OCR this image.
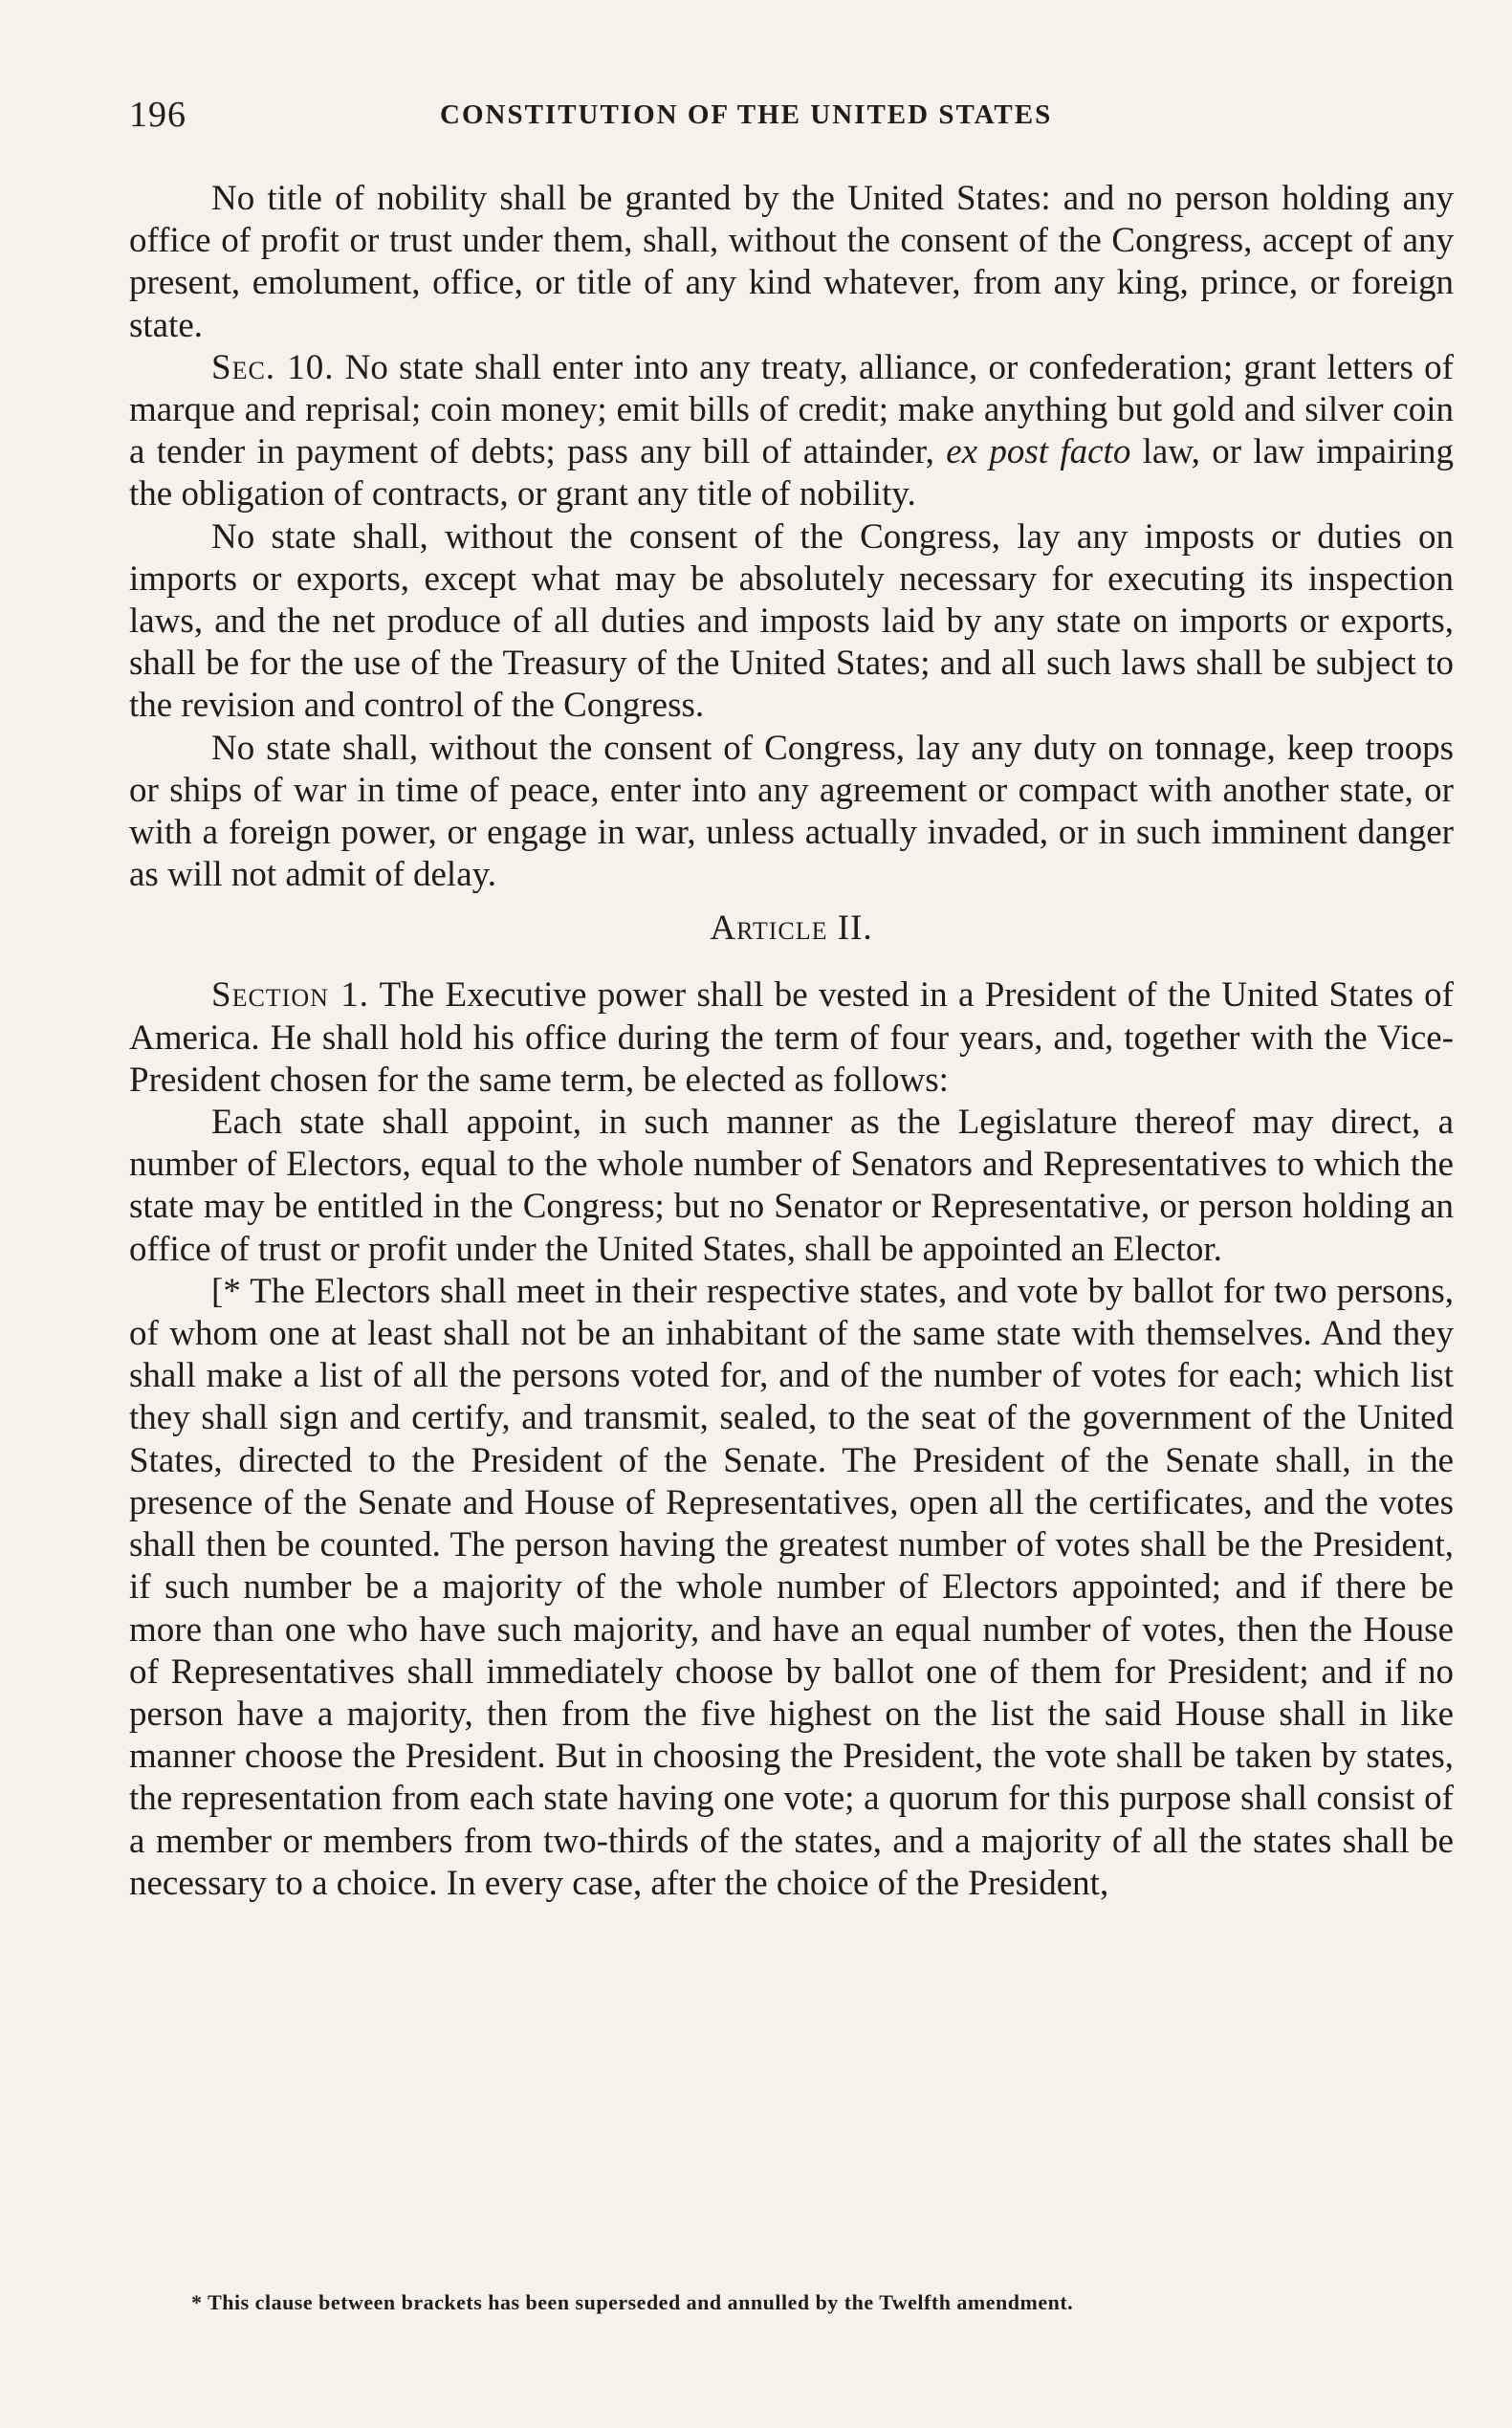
196	CONSTITUTION OF THE UNITED STATES

No title of nobility shall be granted by the United States: and no person holding any office of profit or trust under them, shall, without the consent of the Congress, accept of any present, emolument, office, or title of any kind whatever, from any king, prince, or foreign state.

Sec. 10. No state shall enter into any treaty, alliance, or confederation; grant letters of marque and reprisal; coin money; emit bills of credit; make anything but gold and silver coin a tender in payment of debts; pass any bill of attainder, ex post facto law, or law impairing the obligation of contracts, or grant any title of nobility.

No state shall, without the consent of the Congress, lay any imposts or duties on imports or exports, except what may be absolutely necessary for executing its inspection laws, and the net produce of all duties and imposts laid by any state on imports or exports, shall be for the use of the Treasury of the United States; and all such laws shall be subject to the revision and control of the Congress.

No state shall, without the consent of Congress, lay any duty on tonnage, keep troops or ships of war in time of peace, enter into any agreement or compact with another state, or with a foreign power, or engage in war, unless actually invaded, or in such imminent danger as will not admit of delay.

Article II.

Section 1. The Executive power shall be vested in a President of the United States of America. He shall hold his office during the term of four years, and, together with the Vice-President chosen for the same term, be elected as follows:

Each state shall appoint, in such manner as the Legislature thereof may direct, a number of Electors, equal to the whole number of Senators and Representatives to which the state may be entitled in the Congress; but no Senator or Representative, or person holding an office of trust or profit under the United States, shall be appointed an Elector.

[* The Electors shall meet in their respective states, and vote by ballot for two persons, of whom one at least shall not be an inhabitant of the same state with themselves. And they shall make a list of all the persons voted for, and of the number of votes for each; which list they shall sign and certify, and transmit, sealed, to the seat of the government of the United States, directed to the President of the Senate. The President of the Senate shall, in the presence of the Senate and House of Representatives, open all the certificates, and the votes shall then be counted. The person having the greatest number of votes shall be the President, if such number be a majority of the whole number of Electors appointed; and if there be more than one who have such majority, and have an equal number of votes, then the House of Representatives shall immediately choose by ballot one of them for President; and if no person have a majority, then from the five highest on the list the said House shall in like manner choose the President. But in choosing the President, the vote shall be taken by states, the representation from each state having one vote; a quorum for this purpose shall consist of a member or members from two-thirds of the states, and a majority of all the states shall be necessary to a choice. In every case, after the choice of the President,

* This clause between brackets has been superseded and annulled by the Twelfth amendment.
